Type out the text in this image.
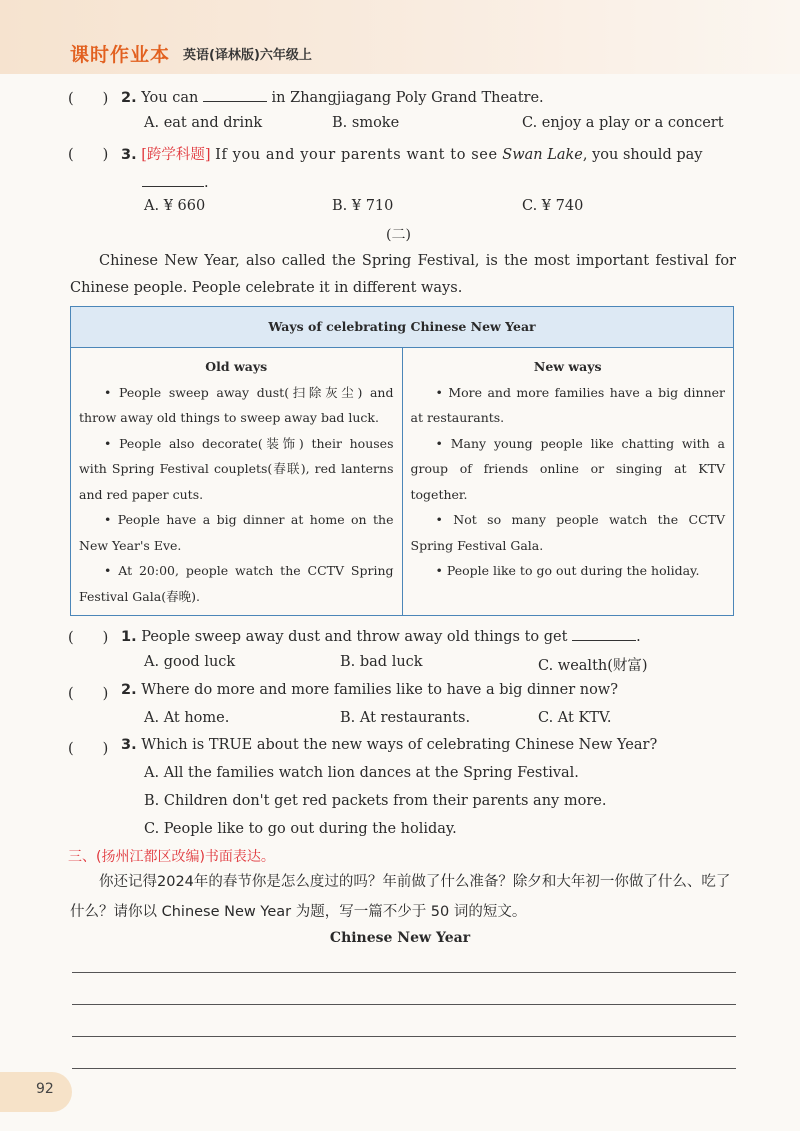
课时作业本 英语(译林版)六年级上
(　　) 2. You can	in Zhangjiagang Poly Grand Theatre.
A. eat and drink	B. smoke	C. enjoy a play or a concert
(　　) 3. [跨学科题] If you and your parents want to see Swan Lake, you should pay
.
A. ¥ 660	B. ¥ 710	C. ¥ 740
(二)
Chinese New Year, also called the Spring Festival, is the most important festival for Chinese people. People celebrate it in different ways.
Ways of celebrating Chinese New Year

Old ways
• People sweep away dust(扫除灰尘) and throw away old things to sweep away bad luck.
• People also decorate(装饰) their houses with Spring Festival couplets(春联), red lanterns and red paper cuts.
• People have a big dinner at home on the New Year's Eve.
• At 20:00, people watch the CCTV Spring Festival Gala(春晚).

New ways
• More and more families have a big dinner at restaurants.
• Many young people like chatting with a group of friends online or singing at KTV together.
• Not so many people watch the CCTV Spring Festival Gala.
• People like to go out during the holiday.
(　　) 1. People sweep away dust and throw away old things to get	.
A. good luck	B. bad luck	C. wealth(财富)
(　　) 2. Where do more and more families like to have a big dinner now?
A. At home.	B. At restaurants.	C. At KTV.
(　　) 3. Which is TRUE about the new ways of celebrating Chinese New Year?
A. All the families watch lion dances at the Spring Festival.
B. Children don't get red packets from their parents any more.
C. People like to go out during the holiday.
三、(扬州江都区改编)书面表达。
你还记得2024年的春节你是怎么度过的吗？年前做了什么准备？除夕和大年初一你做了什么、吃了什么？请你以 Chinese New Year 为题，写一篇不少于 50 词的短文。
Chinese New Year
92
